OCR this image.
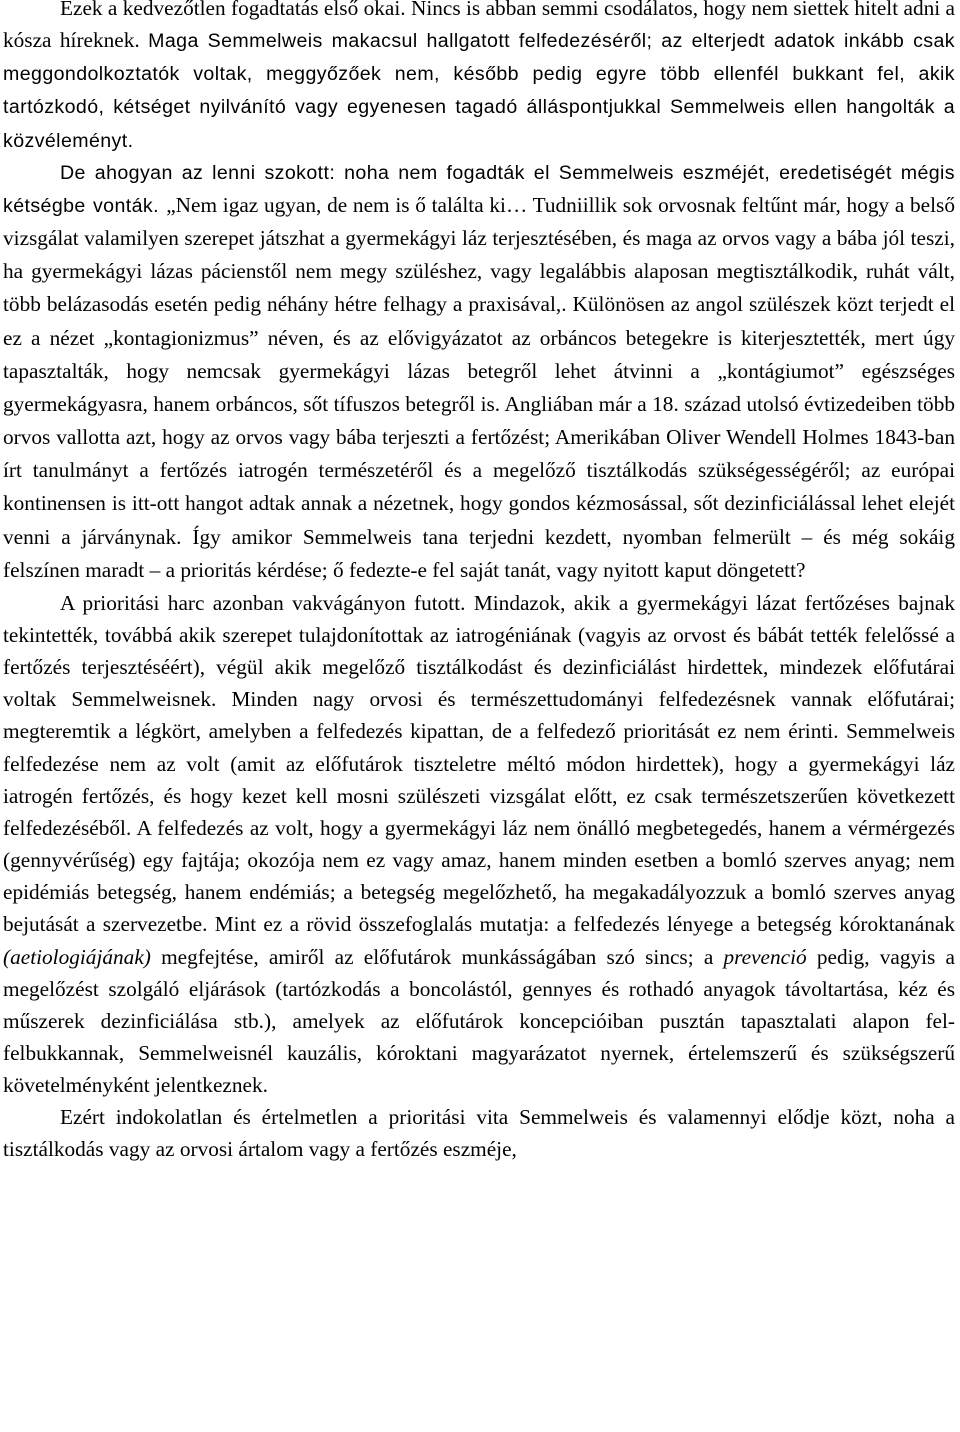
Ezek a kedvezőtlen fogadtatás első okai. Nincs is abban semmi csodálatos, hogy nem siettek hitelt adni a kósza híreknek. Maga Semmelweis makacsul hallgatott felfedezéséről; az elterjedt adatok inkább csak meggondolkoztatók voltak, meggyőzőek nem, később pedig egyre több ellenfél bukkant fel, akik tartózkodó, kétséget nyilvánító vagy egyenesen tagadó álláspontjukkal Semmelweis ellen hangolták a közvéleményt.

De ahogyan az lenni szokott: noha nem fogadták el Semmelweis eszméjét, eredetiségét mégis kétségbe vonták. „Nem igaz ugyan, de nem is ő találta ki… Tudniillik sok orvosnak feltűnt már, hogy a belső vizsgálat valamilyen szerepet játszhat a gyermekágyi láz terjesztésében, és maga az orvos vagy a bába jól teszi, ha gyermekágyi lázas pácienstől nem megy szüléshez, vagy legalábbis alaposan megtisztálkodik, ruhát vált, több belázasodás esetén pedig néhány hétre felhagy a praxisával,. Különösen az angol szülészek közt terjedt el ez a nézet „kontagionizmus” néven, és az elővigyázatot az orbáncos betegekre is kiterjesztették, mert úgy tapasztalták, hogy nemcsak gyermekágyi lázas betegről lehet átvinni a „kontágiumot” egészséges gyermekágyasra, hanem orbáncos, sőt tífuszos betegről is. Angliában már a 18. század utolsó évtizedeiben több orvos vallotta azt, hogy az orvos vagy bába terjeszti a fertőzést; Amerikában Oliver Wendell Holmes 1843-ban írt tanulmányt a fertőzés iatrogén természetéről és a megelőző tisztálkodás szükségességéről; az európai kontinensen is itt-ott hangot adtak annak a nézetnek, hogy gondos kézmosással, sőt dezinficiálással lehet elejét venni a járványnak. Így amikor Semmelweis tana terjedni kezdett, nyomban felmerült – és még sokáig felszínen maradt – a prioritás kérdése; ő fedezte-e fel saját tanát, vagy nyitott kaput döngetett?

A prioritási harc azonban vakvágányon futott. Mindazok, akik a gyermekágyi lázat fertőzéses bajnak tekintették, továbbá akik szerepet tulajdonítottak az iatrogéniának (vagyis az orvost és bábát tették felelőssé a fertőzés terjesztéséért), végül akik megelőző tisztálkodást és dezinficiálást hirdettek, mindezek előfutárai voltak Semmelweisnek. Minden nagy orvosi és természettudományi felfedezésnek vannak előfutárai; megteremtik a légkört, amelyben a felfedezés kipattan, de a felfedező prioritását ez nem érinti. Semmelweis felfedezése nem az volt (amit az előfutárok tiszteletre méltó módon hirdettek), hogy a gyermekágyi láz iatrogén fertőzés, és hogy kezet kell mosni szülészeti vizsgálat előtt, ez csak természetszerűen következett felfedezéséből. A felfedezés az volt, hogy a gyermekágyi láz nem önálló megbetegedés, hanem a vérmérgezés (gennyvérűség) egy fajtája; okozója nem ez vagy amaz, hanem minden esetben a bomló szerves anyag; nem epidémiás betegség, hanem endémiás; a betegség megelőzhető, ha megakadályozzuk a bomló szerves anyag bejutását a szervezetbe. Mint ez a rövid összefoglalás mutatja: a felfedezés lényege a betegség kóroktanának (aetiologiájának) megfejtése, amiről az előfutárok munkásságában szó sincs; a prevenció pedig, vagyis a megelőzést szolgáló eljárások (tartózkodás a boncolástól, gennyes és rothadó anyagok távoltartása, kéz és műszerek dezinficiálása stb.), amelyek az előfutárok koncepcióiban pusztán tapasztalati alapon fel-felbukkannak, Semmelweisnél kauzális, kóroktani magyarázatot nyernek, értelemszerű és szükségszerű követelményként jelentkeznek.

Ezért indokolatlan és értelmetlen a prioritási vita Semmelweis és valamennyi elődje közt, noha a tisztálkodás vagy az orvosi ártalom vagy a fertőzés eszméje,
